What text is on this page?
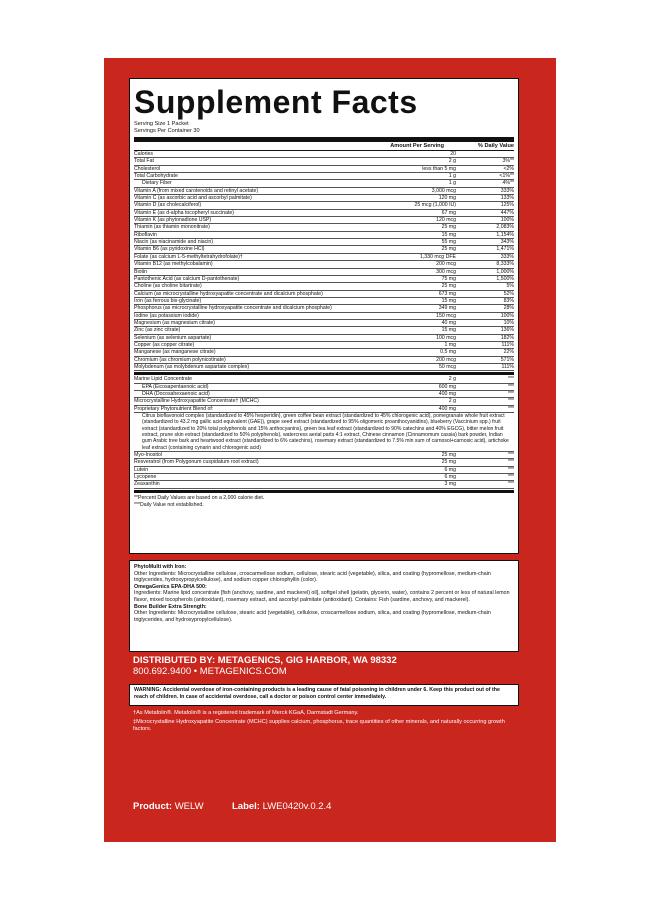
Supplement Facts
Serving Size 1 Packet
Servings Per Container 30
Amount Per Serving	% Daily Value
Calories	20
Total Fat	2 g	3%**
Cholesterol	less than 5 mg	<2%
Total Carbohydrate	1 g	<1%**
Dietary Fiber	1 g	4%**
Vitamin A (from mixed carotenoids and retinyl acetate)	3,000 mcg	333%
Vitamin C (as ascorbic acid and ascorbyl palmitate)	120 mg	133%
Vitamin D (as cholecalciferol)	25 mcg (1,000 IU)	125%
Vitamin E (as d-alpha tocopheryl succinate)	67 mg	447%
Vitamin K (as phytonadione USP)	120 mcg	100%
Thiamin (as thiamin mononitrate)	25 mg	2,083%
Riboflavin	15 mg	1,154%
Niacin (as niacinamide and niacin)	55 mg	343%
Vitamin B6 (as pyridoxine HCl)	25 mg	1,471%
Folate (as calcium L-5-methyltetrahydrofolate)†	1,330 mcg DFE	333%
Vitamin B12 (as methylcobalamin)	200 mcg	8,333%
Biotin	300 mcg	1,000%
Pantothenic Acid (as calcium D-pantothenate)	75 mg	1,500%
Choline (as choline bitartrate)	25 mg	5%
Calcium (as microcrystalline hydroxyapatite concentrate and dicalcium phosphate)	673 mg	52%
Iron (as ferrous bis-glycinate)	15 mg	83%
Phosphorus (as microcrystalline hydroxyapatite concentrate and dicalcium phosphate)	349 mg	28%
Iodine (as potassium iodide)	150 mcg	100%
Magnesium (as magnesium citrate)	40 mg	10%
Zinc (as zinc citrate)	15 mg	136%
Selenium (as selenium aspartate)	100 mcg	182%
Copper (as copper citrate)	1 mg	111%
Manganese (as manganese citrate)	0.5 mg	22%
Chromium (as chromium polynicotinate)	200 mcg	571%
Molybdenum (as molybdenum aspartate complex)	50 mcg	111%
Marine Lipid Concentrate	2 g	***
EPA (Eicosapentaenoic acid)	600 mg	***
DHA (Docosahexaenoic acid)	400 mg	***
Microcrystalline Hydroxyapatite Concentrate† (MCHC)	2 g	***
Proprietary Phytonutrient Blend of:	400 mg	***
Citrus bioflavonoid complex (standardized to 45% hesperidin), green coffee bean extract (standardized to 45% chlorogenic acid), pomegranate whole fruit extract (standardized to 43.2 mg gallic acid equivalent (GAE)), grape seed extract (standardized to 95% oligomeric proanthocyanidins), blueberry (Vaccinium spp.) fruit extract (standardized to 20% total polyphenols and 15% anthocyanins), green tea leaf extract (standardized to 90% catechins and 40% EGCG), bitter melon fruit extract, prune skin extract (standardized to 50% polyphenols), watercress aerial parts 4:1 extract, Chinese cinnamon (Cinnamomum cassia) bark powder, Indian gum Arabic tree bark and heartwood extract (standardized to 6% catechins), rosemary extract (standardized to 7.5% min sum of carnosol+carnosic acid), artichoke leaf extract (containing cynarin and chlorogenic acid)
Myo-Inositol	25 mg	***
Resveratrol (from Polygonum cuspidatum root extract)	25 mg	***
Lutein	6 mg	***
Lycopene	6 mg	***
Zeaxanthin	3 mg	***
**Percent Daily Values are based on a 2,000 calorie diet.
***Daily Value not established.
PhytoMulti with Iron:
Other Ingredients: Microcrystalline cellulose, croscarmellose sodium, cellulose, stearic acid (vegetable), silica, and coating (hypromellose, medium-chain triglycerides, hydroxypropylcellulose), and sodium copper chlorophyllin (color).
OmegaGenics EPA-DHA 500:
Ingredients: Marine lipid concentrate [fish (anchovy, sardine, and mackerel) oil], softgel shell (gelatin, glycerin, water), contains 2 percent or less of natural lemon flavor, mixed tocopherols (antioxidant), rosemary extract, and ascorbyl palmitate (antioxidant). Contains: Fish (sardine, anchovy, and mackerel).
Bone Builder Extra Strength:
Other Ingredients: Microcrystalline cellulose, stearic acid (vegetable), cellulose, croscarmellose sodium, silica, and coating (hypromellose, medium-chain triglycerides, and hydroxypropylcellulose).
DISTRIBUTED BY: METAGENICS, GIG HARBOR, WA 98332
800.692.9400 • METAGENICS.COM
WARNING: Accidental overdose of iron-containing products is a leading cause of fatal poisoning in children under 6. Keep this product out of the reach of children. In case of accidental overdose, call a doctor or poison control center immediately.

†As Metafolin®. Metafolin® is a registered trademark of Merck KGaA, Darmstadt Germany.

‡Microcrystalline Hydroxyapatite Concentrate (MCHC) supplies calcium, phosphorus, trace quantities of other minerals, and naturally occurring growth factors.

Product: WELW	Label: LWE0420v.0.2.4
